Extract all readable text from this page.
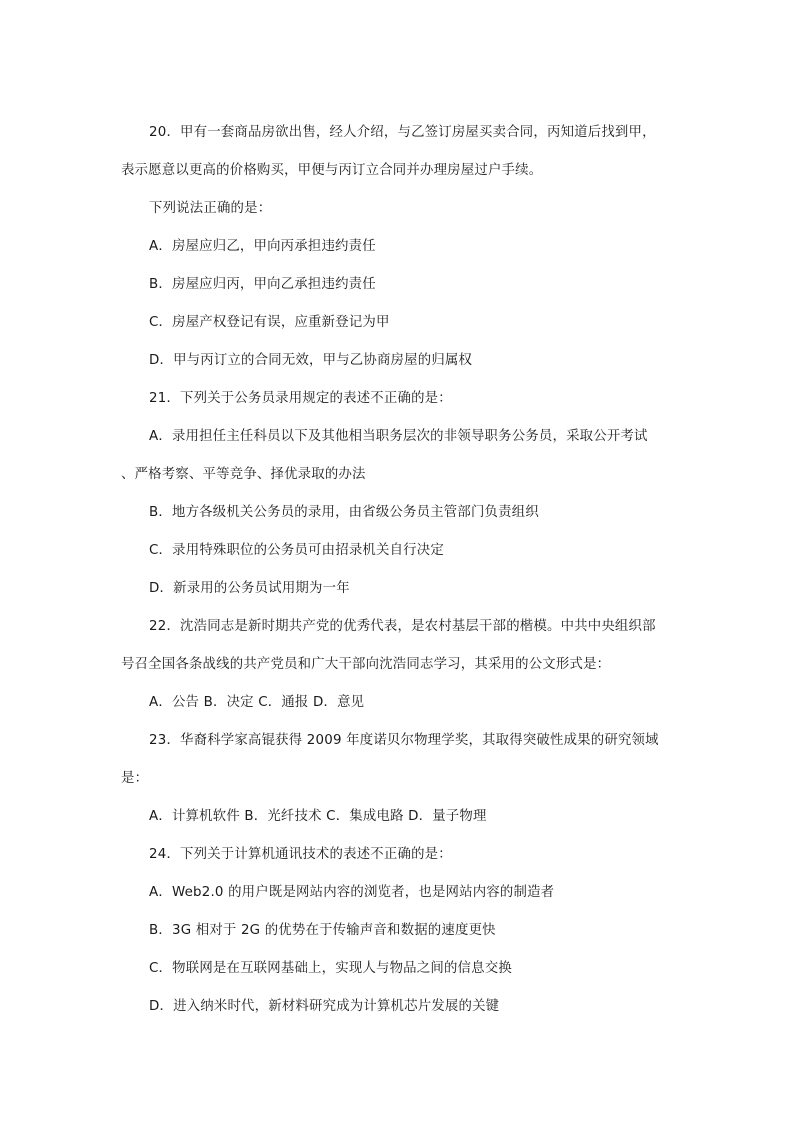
20．甲有一套商品房欲出售，经人介绍，与乙签订房屋买卖合同，丙知道后找到甲，
表示愿意以更高的价格购买，甲便与丙订立合同并办理房屋过户手续。
下列说法正确的是：
A．房屋应归乙，甲向丙承担违约责任
B．房屋应归丙，甲向乙承担违约责任
C．房屋产权登记有误，应重新登记为甲
D．甲与丙订立的合同无效，甲与乙协商房屋的归属权
21．下列关于公务员录用规定的表述不正确的是：
A．录用担任主任科员以下及其他相当职务层次的非领导职务公务员，采取公开考试
、严格考察、平等竞争、择优录取的办法
B．地方各级机关公务员的录用，由省级公务员主管部门负责组织
C．录用特殊职位的公务员可由招录机关自行决定
D．新录用的公务员试用期为一年
22．沈浩同志是新时期共产党的优秀代表，是农村基层干部的楷模。中共中央组织部
号召全国各条战线的共产党员和广大干部向沈浩同志学习，其采用的公文形式是：
A．公告 B．决定 C．通报 D．意见
23．华裔科学家高锟获得 2009 年度诺贝尔物理学奖，其取得突破性成果的研究领域
是：
A．计算机软件 B．光纤技术 C．集成电路 D．量子物理
24．下列关于计算机通讯技术的表述不正确的是：
A．Web2.0 的用户既是网站内容的浏览者，也是网站内容的制造者
B．3G 相对于 2G 的优势在于传输声音和数据的速度更快
C．物联网是在互联网基础上，实现人与物品之间的信息交换
D．进入纳米时代，新材料研究成为计算机芯片发展的关键
